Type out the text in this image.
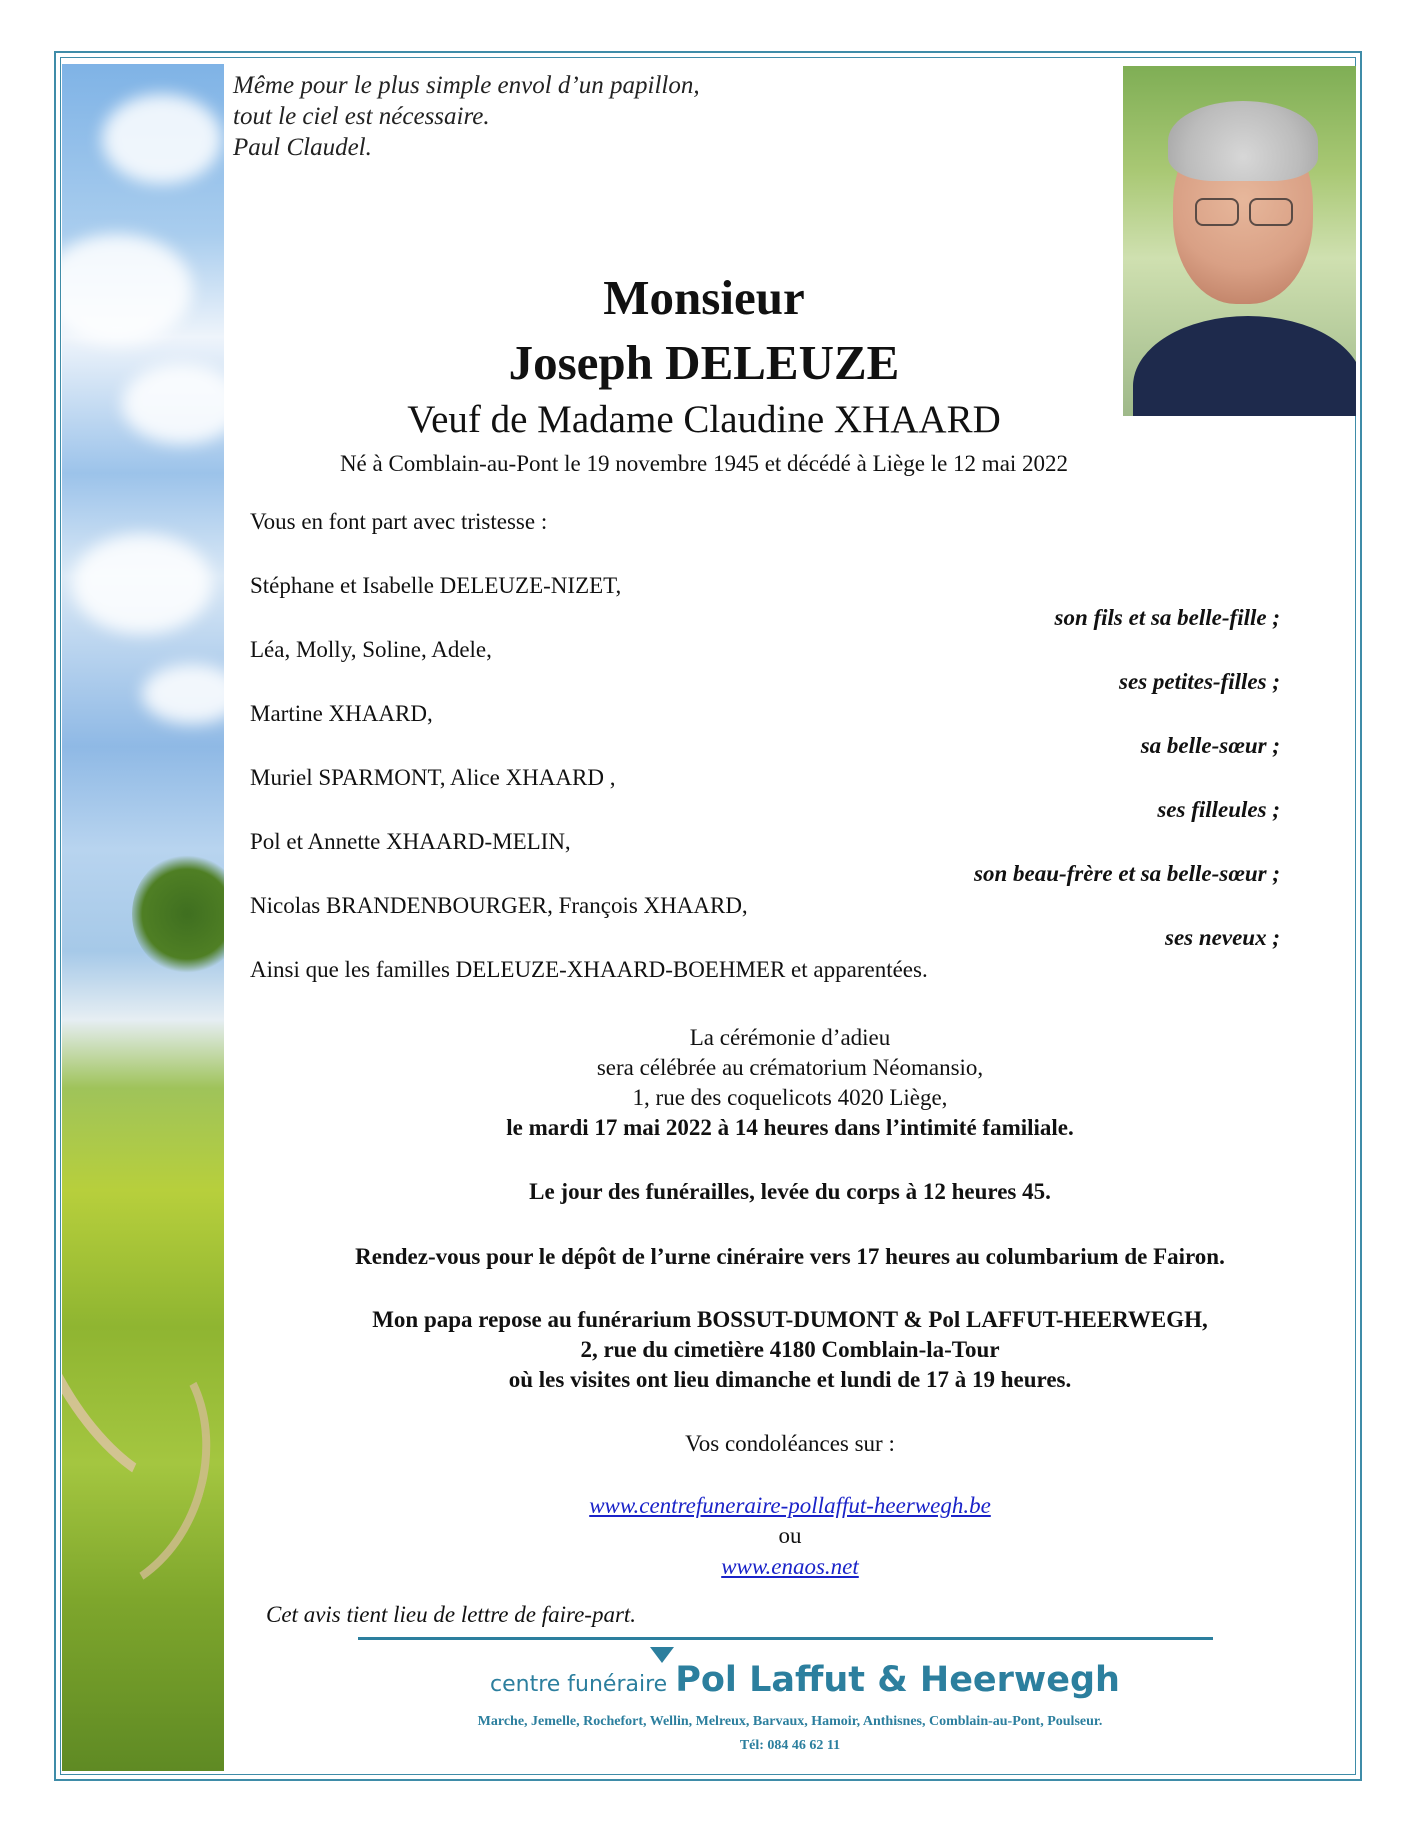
Même pour le plus simple envol d’un papillon,
tout le ciel est nécessaire.
Paul Claudel.
Monsieur
Joseph DELEUZE
Veuf de Madame Claudine XHAARD
Né à Comblain-au-Pont le 19 novembre 1945 et décédé à Liège le 12 mai 2022
Vous en font part avec tristesse :
Stéphane et Isabelle DELEUZE-NIZET,
son fils et sa belle-fille ;
Léa, Molly, Soline, Adele,
ses petites-filles ;
Martine XHAARD,
sa belle-sœur ;
Muriel SPARMONT, Alice XHAARD ,
ses filleules ;
Pol et Annette XHAARD-MELIN,
son beau-frère et sa belle-sœur ;
Nicolas BRANDENBOURGER, François XHAARD,
ses neveux ;
Ainsi que les familles DELEUZE-XHAARD-BOEHMER et apparentées.
La cérémonie d’adieu
sera célébrée au crématorium Néomansio,
1, rue des coquelicots 4020 Liège,
le mardi 17 mai 2022 à 14 heures dans l’intimité familiale.
Le jour des funérailles, levée du corps à 12 heures 45.
Rendez-vous pour le dépôt de l’urne cinéraire vers 17 heures au columbarium de Fairon.
Mon papa repose au funérarium BOSSUT-DUMONT & Pol LAFFUT-HEERWEGH,
2, rue du cimetière 4180 Comblain-la-Tour
où les visites ont lieu dimanche et lundi de 17 à 19 heures.
Vos condoléances sur :
www.centrefuneraire-pollaffut-heerwegh.be
ou
www.enaos.net
Cet avis tient lieu de lettre de faire-part.
centre funéraire Pol Laffut & Heerwegh
Marche, Jemelle, Rochefort, Wellin, Melreux, Barvaux, Hamoir, Anthisnes, Comblain-au-Pont, Poulseur.
Tél: 084 46 62 11
